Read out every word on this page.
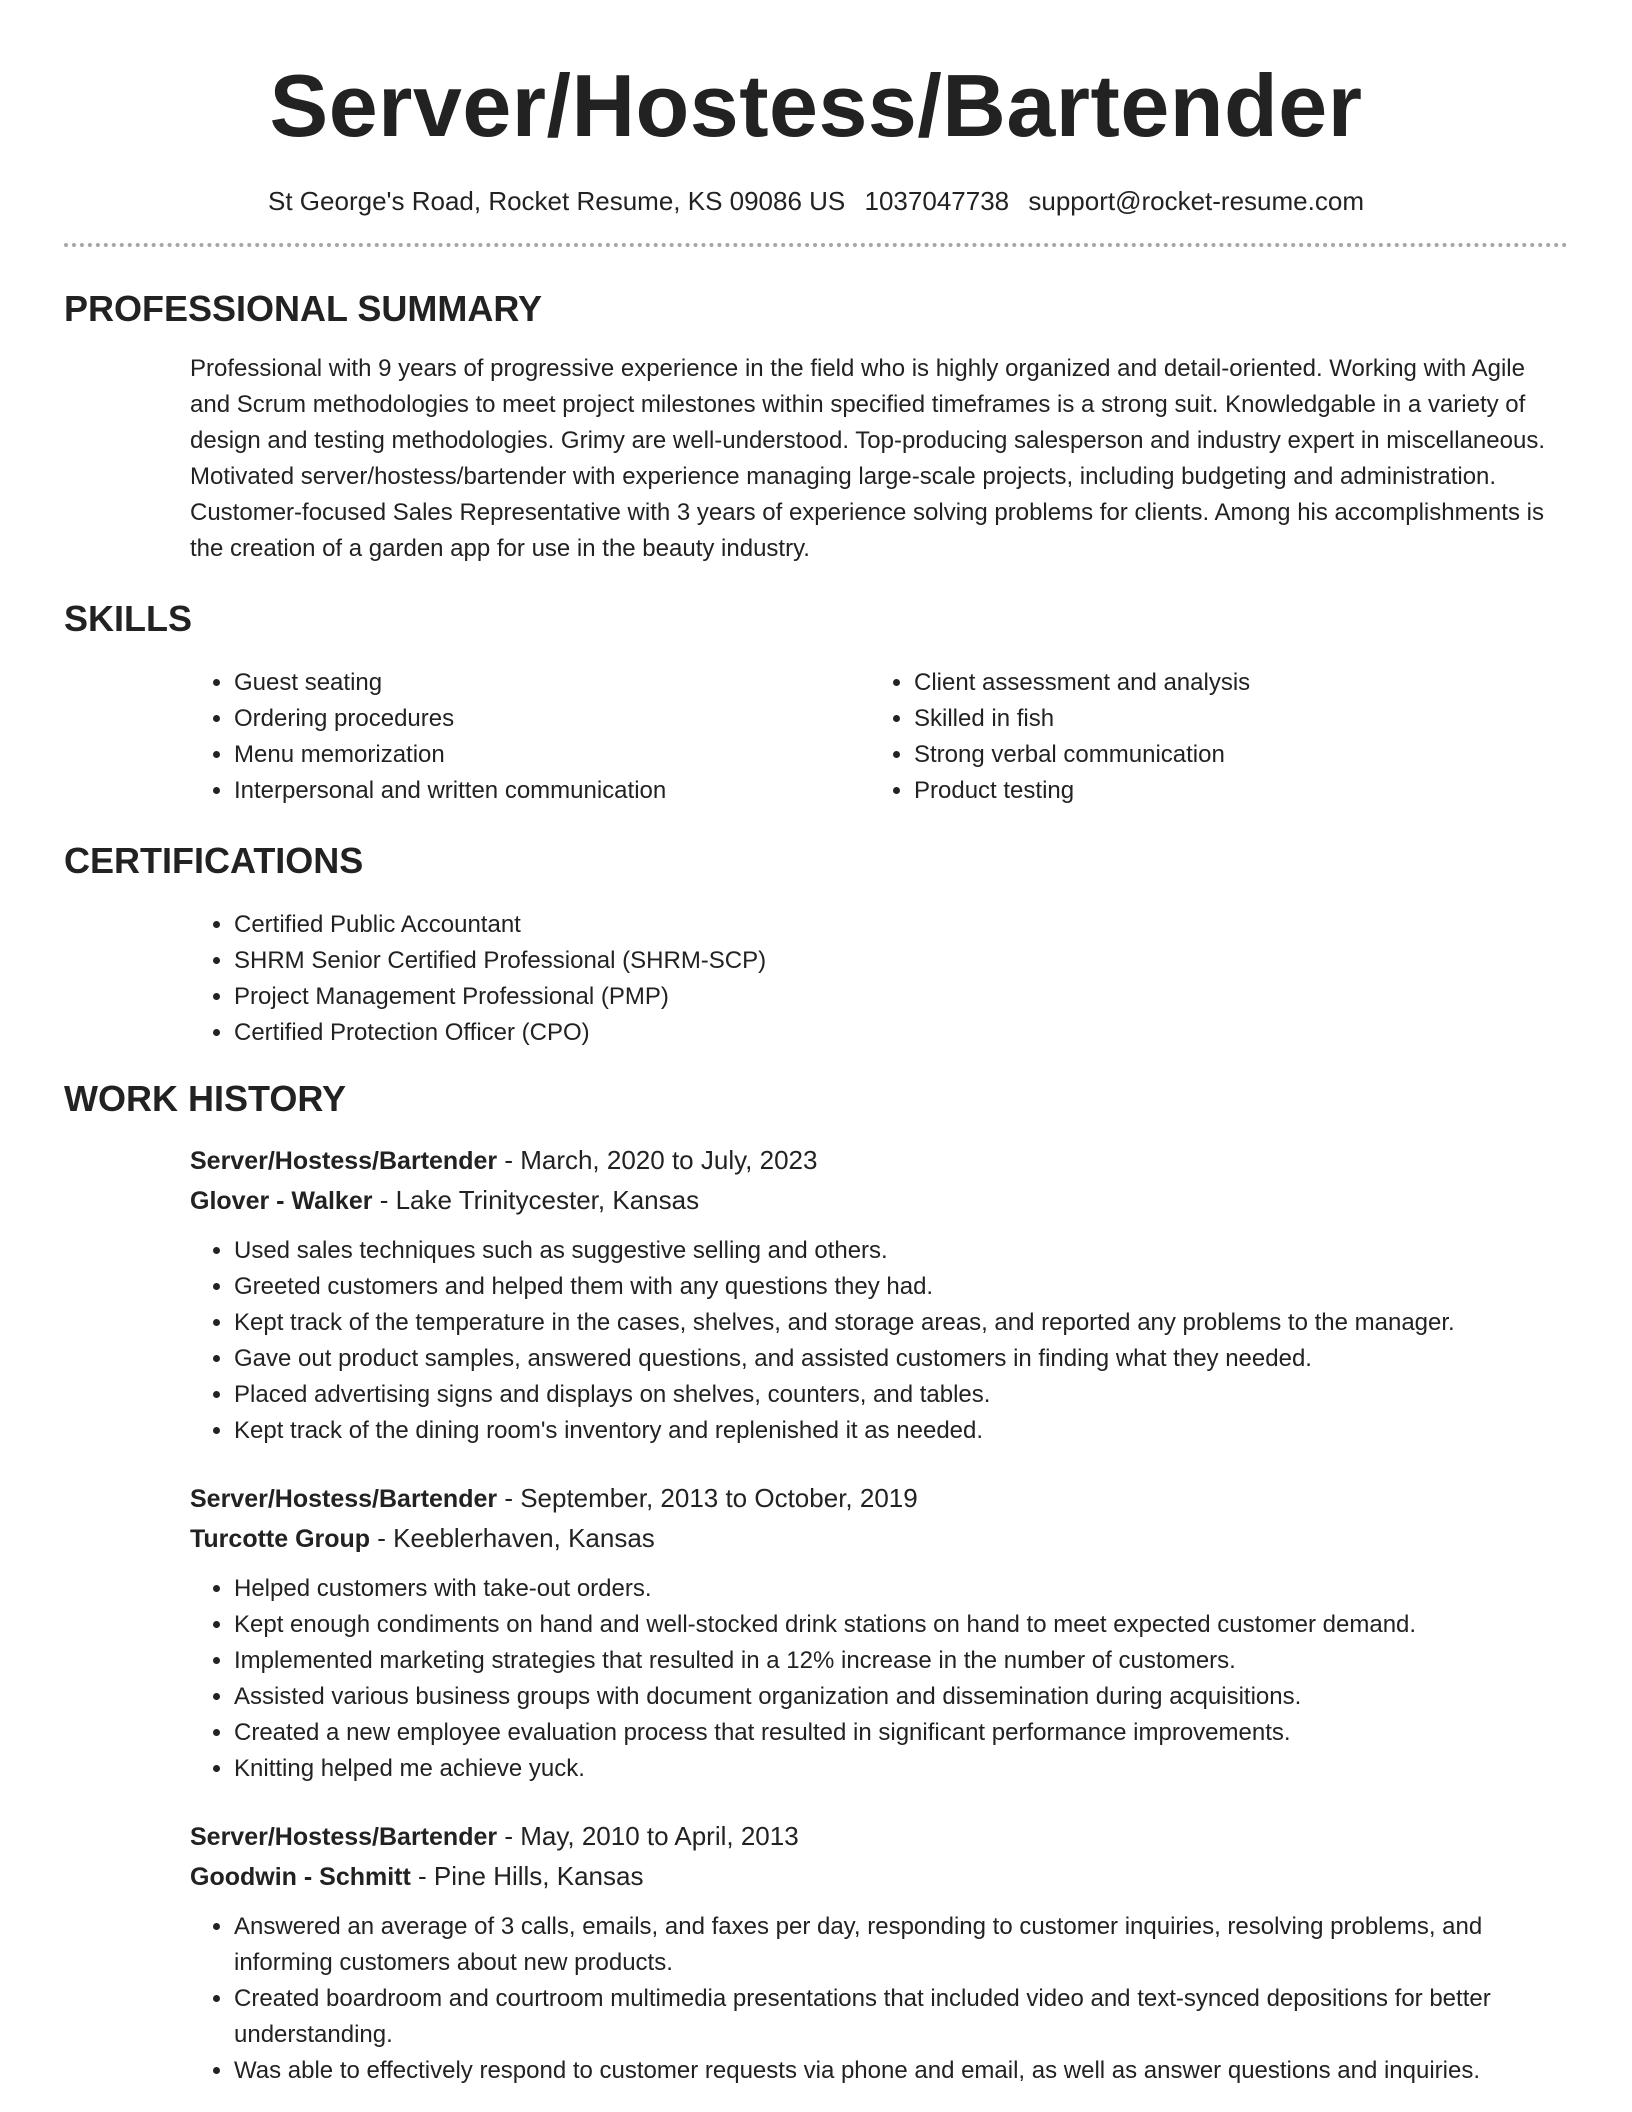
Server/Hostess/Bartender
St George's Road, Rocket Resume, KS 09086 US 1037047738 support@rocket-resume.com
PROFESSIONAL SUMMARY
Professional with 9 years of progressive experience in the field who is highly organized and detail-oriented. Working with Agile and Scrum methodologies to meet project milestones within specified timeframes is a strong suit. Knowledgable in a variety of design and testing methodologies. Grimy are well-understood. Top-producing salesperson and industry expert in miscellaneous. Motivated server/hostess/bartender with experience managing large-scale projects, including budgeting and administration. Customer-focused Sales Representative with 3 years of experience solving problems for clients. Among his accomplishments is the creation of a garden app for use in the beauty industry.
SKILLS
• Guest seating
• Ordering procedures
• Menu memorization
• Interpersonal and written communication
• Client assessment and analysis
• Skilled in fish
• Strong verbal communication
• Product testing
CERTIFICATIONS
• Certified Public Accountant
• SHRM Senior Certified Professional (SHRM-SCP)
• Project Management Professional (PMP)
• Certified Protection Officer (CPO)
WORK HISTORY
Server/Hostess/Bartender - March, 2020 to July, 2023
Glover - Walker - Lake Trinitycester, Kansas
• Used sales techniques such as suggestive selling and others.
• Greeted customers and helped them with any questions they had.
• Kept track of the temperature in the cases, shelves, and storage areas, and reported any problems to the manager.
• Gave out product samples, answered questions, and assisted customers in finding what they needed.
• Placed advertising signs and displays on shelves, counters, and tables.
• Kept track of the dining room's inventory and replenished it as needed.
Server/Hostess/Bartender - September, 2013 to October, 2019
Turcotte Group - Keeblerhaven, Kansas
• Helped customers with take-out orders.
• Kept enough condiments on hand and well-stocked drink stations on hand to meet expected customer demand.
• Implemented marketing strategies that resulted in a 12% increase in the number of customers.
• Assisted various business groups with document organization and dissemination during acquisitions.
• Created a new employee evaluation process that resulted in significant performance improvements.
• Knitting helped me achieve yuck.
Server/Hostess/Bartender - May, 2010 to April, 2013
Goodwin - Schmitt - Pine Hills, Kansas
• Answered an average of 3 calls, emails, and faxes per day, responding to customer inquiries, resolving problems, and informing customers about new products.
• Created boardroom and courtroom multimedia presentations that included video and text-synced depositions for better understanding.
• Was able to effectively respond to customer requests via phone and email, as well as answer questions and inquiries.
